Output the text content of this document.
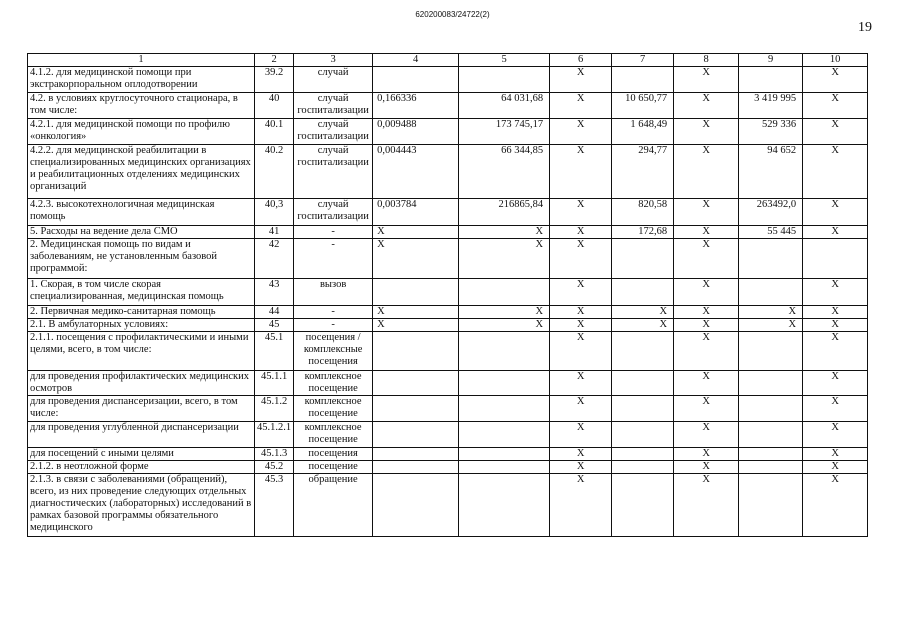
620200083/24722(2)
19
1	2	3	4	5	6	7	8	9	10
4.1.2. для медицинской помощи при экстракорпоральном оплодотворении	39.2	случай			X		X		X
4.2. в условиях круглосуточного стационара, в том числе:	40	случай госпитализации	0,166336	64 031,68	X	10 650,77	X	3 419 995	X
4.2.1. для медицинской помощи по профилю «онкология»	40.1	случай госпитализации	0,009488	173 745,17	X	1 648,49	X	529 336	X
4.2.2. для медицинской реабилитации в специализированных медицинских организациях и реабилитационных отделениях медицинских организаций	40.2	случай госпитализации	0,004443	66 344,85	X	294,77	X	94 652	X
4.2.3. высокотехнологичная медицинская помощь	40,3	случай госпитализации	0,003784	216865,84	X	820,58	X	263492,0	X
5. Расходы на ведение дела СМО	41	-	X	X	X	172,68	X	55 445	X
2. Медицинская помощь по видам и заболеваниям, не установленным базовой программой:	42	-	X	X	X		X		
1. Скорая, в том числе скорая специализированная, медицинская помощь	43	вызов			X		X		X
2. Первичная медико-санитарная помощь	44	-	X	X	X	X	X	X	X
2.1. В амбулаторных условиях:	45	-	X	X	X	X	X	X	X
2.1.1. посещения с профилактическими и иными целями, всего, в том числе:	45.1	посещения / комплексные посещения			X		X		X
для проведения профилактических медицинских осмотров	45.1.1	комплексное посещение			X		X		X
для проведения диспансеризации, всего, в том числе:	45.1.2	комплексное посещение			X		X		X
для проведения углубленной диспансеризации	45.1.2.1	комплексное посещение			X		X		X
для посещений с иными целями	45.1.3	посещения			X		X		X
2.1.2. в неотложной форме	45.2	посещение			X		X		X
2.1.3. в связи с заболеваниями (обращений), всего, из них проведение следующих отдельных диагностических (лабораторных) исследований в рамках базовой программы обязательного медицинского	45.3	обращение			X		X		X
